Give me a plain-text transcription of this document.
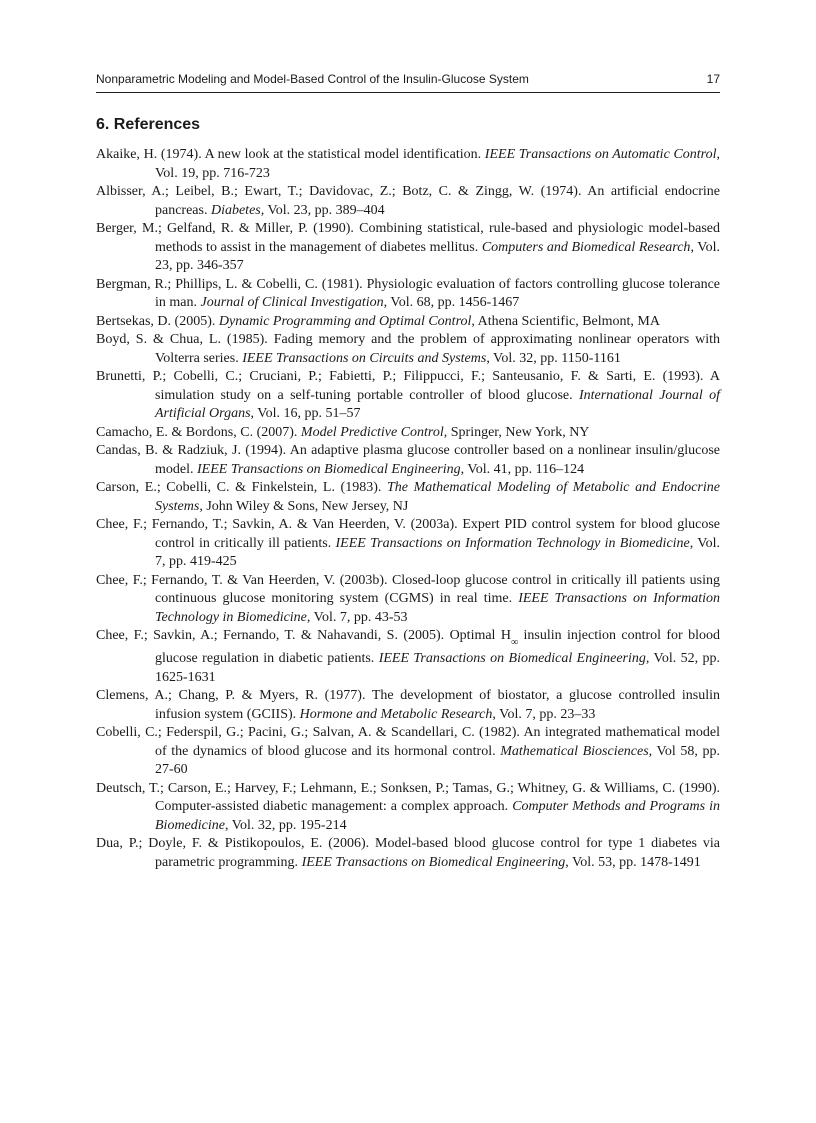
Nonparametric Modeling and Model-Based Control of the Insulin-Glucose System	17
6. References

Akaike, H. (1974). A new look at the statistical model identification. IEEE Transactions on Automatic Control, Vol. 19, pp. 716-723

Albisser, A.; Leibel, B.; Ewart, T.; Davidovac, Z.; Botz, C. & Zingg, W. (1974). An artificial endocrine pancreas. Diabetes, Vol. 23, pp. 389–404

Berger, M.; Gelfand, R. & Miller, P. (1990). Combining statistical, rule-based and physiologic model-based methods to assist in the management of diabetes mellitus. Computers and Biomedical Research, Vol. 23, pp. 346-357

Bergman, R.; Phillips, L. & Cobelli, C. (1981). Physiologic evaluation of factors controlling glucose tolerance in man. Journal of Clinical Investigation, Vol. 68, pp. 1456-1467

Bertsekas, D. (2005). Dynamic Programming and Optimal Control, Athena Scientific, Belmont, MA

Boyd, S. & Chua, L. (1985). Fading memory and the problem of approximating nonlinear operators with Volterra series. IEEE Transactions on Circuits and Systems, Vol. 32, pp. 1150-1161

Brunetti, P.; Cobelli, C.; Cruciani, P.; Fabietti, P.; Filippucci, F.; Santeusanio, F. & Sarti, E. (1993). A simulation study on a self-tuning portable controller of blood glucose. International Journal of Artificial Organs, Vol. 16, pp. 51–57

Camacho, E. & Bordons, C. (2007). Model Predictive Control, Springer, New York, NY

Candas, B. & Radziuk, J. (1994). An adaptive plasma glucose controller based on a nonlinear insulin/glucose model. IEEE Transactions on Biomedical Engineering, Vol. 41, pp. 116–124

Carson, E.; Cobelli, C. & Finkelstein, L. (1983). The Mathematical Modeling of Metabolic and Endocrine Systems, John Wiley & Sons, New Jersey, NJ

Chee, F.; Fernando, T.; Savkin, A. & Van Heerden, V. (2003a). Expert PID control system for blood glucose control in critically ill patients. IEEE Transactions on Information Technology in Biomedicine, Vol. 7, pp. 419-425

Chee, F.; Fernando, T. & Van Heerden, V. (2003b). Closed-loop glucose control in critically ill patients using continuous glucose monitoring system (CGMS) in real time. IEEE Transactions on Information Technology in Biomedicine, Vol. 7, pp. 43-53

Chee, F.; Savkin, A.; Fernando, T. & Nahavandi, S. (2005). Optimal $H_\infty$ insulin injection control for blood glucose regulation in diabetic patients. IEEE Transactions on Biomedical Engineering, Vol. 52, pp. 1625-1631

Clemens, A.; Chang, P. & Myers, R. (1977). The development of biostator, a glucose controlled insulin infusion system (GCIIS). Hormone and Metabolic Research, Vol. 7, pp. 23–33

Cobelli, C.; Federspil, G.; Pacini, G.; Salvan, A. & Scandellari, C. (1982). An integrated mathematical model of the dynamics of blood glucose and its hormonal control. Mathematical Biosciences, Vol 58, pp. 27-60

Deutsch, T.; Carson, E.; Harvey, F.; Lehmann, E.; Sonksen, P.; Tamas, G.; Whitney, G. & Williams, C. (1990). Computer-assisted diabetic management: a complex approach. Computer Methods and Programs in Biomedicine, Vol. 32, pp. 195-214

Dua, P.; Doyle, F. & Pistikopoulos, E. (2006). Model-based blood glucose control for type 1 diabetes via parametric programming. IEEE Transactions on Biomedical Engineering, Vol. 53, pp. 1478-1491
